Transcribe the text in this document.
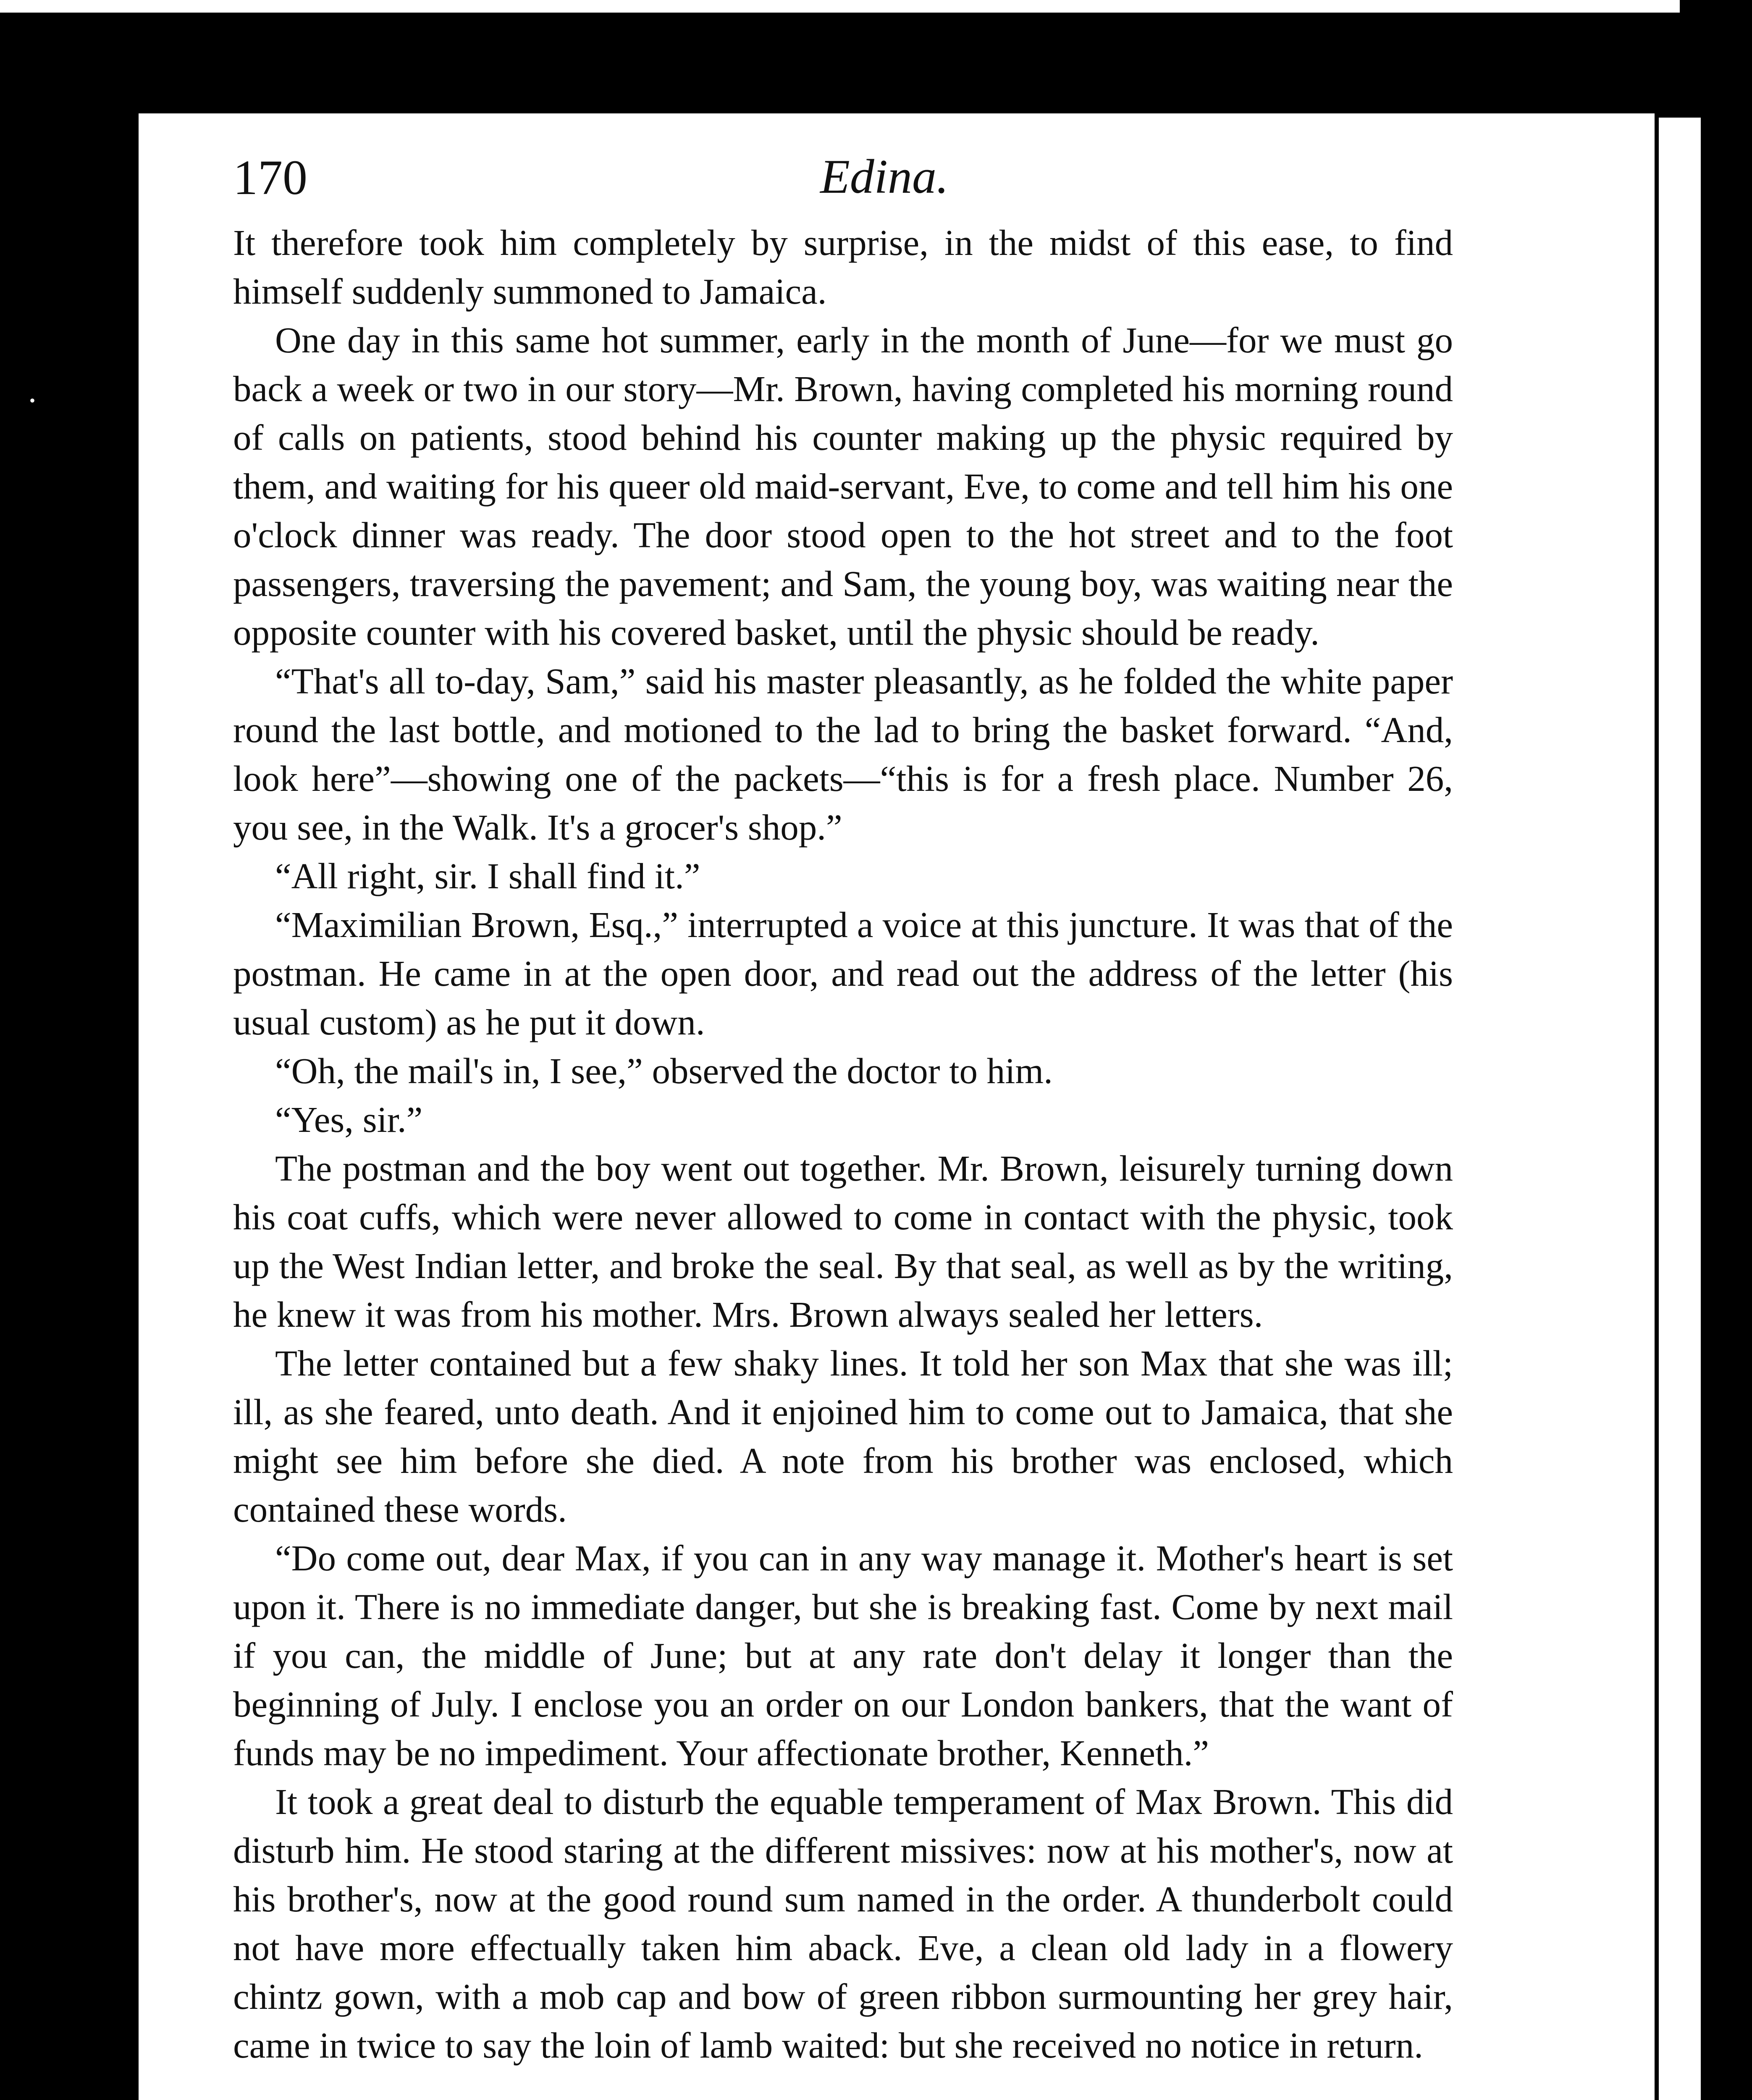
•
170	Edina.

It therefore took him completely by surprise, in the midst of this ease, to find himself suddenly summoned to Jamaica.

One day in this same hot summer, early in the month of June—for we must go back a week or two in our story—Mr. Brown, having completed his morning round of calls on patients, stood behind his counter making up the physic required by them, and waiting for his queer old maid-servant, Eve, to come and tell him his one o'clock dinner was ready. The door stood open to the hot street and to the foot passengers, traversing the pavement; and Sam, the young boy, was waiting near the opposite counter with his covered basket, until the physic should be ready.

“That's all to-day, Sam,” said his master pleasantly, as he folded the white paper round the last bottle, and motioned to the lad to bring the basket forward. “And, look here”—showing one of the packets—“this is for a fresh place. Number 26, you see, in the Walk. It's a grocer's shop.”

“All right, sir. I shall find it.”

“Maximilian Brown, Esq.,” interrupted a voice at this juncture. It was that of the postman. He came in at the open door, and read out the address of the letter (his usual custom) as he put it down.

“Oh, the mail's in, I see,” observed the doctor to him.

“Yes, sir.”

The postman and the boy went out together. Mr. Brown, leisurely turning down his coat cuffs, which were never allowed to come in contact with the physic, took up the West Indian letter, and broke the seal. By that seal, as well as by the writing, he knew it was from his mother. Mrs. Brown always sealed her letters.

The letter contained but a few shaky lines. It told her son Max that she was ill; ill, as she feared, unto death. And it enjoined him to come out to Jamaica, that she might see him before she died. A note from his brother was enclosed, which contained these words.

“Do come out, dear Max, if you can in any way manage it. Mother's heart is set upon it. There is no immediate danger, but she is breaking fast. Come by next mail if you can, the middle of June; but at any rate don't delay it longer than the beginning of July. I enclose you an order on our London bankers, that the want of funds may be no impediment. Your affectionate brother, Kenneth.”

It took a great deal to disturb the equable temperament of Max Brown. This did disturb him. He stood staring at the different missives: now at his mother's, now at his brother's, now at the good round sum named in the order. A thunderbolt could not have more effectually taken him aback. Eve, a clean old lady in a flowery chintz gown, with a mob cap and bow of green ribbon surmounting her grey hair, came in twice to say the loin of lamb waited: but she received no notice in return.
